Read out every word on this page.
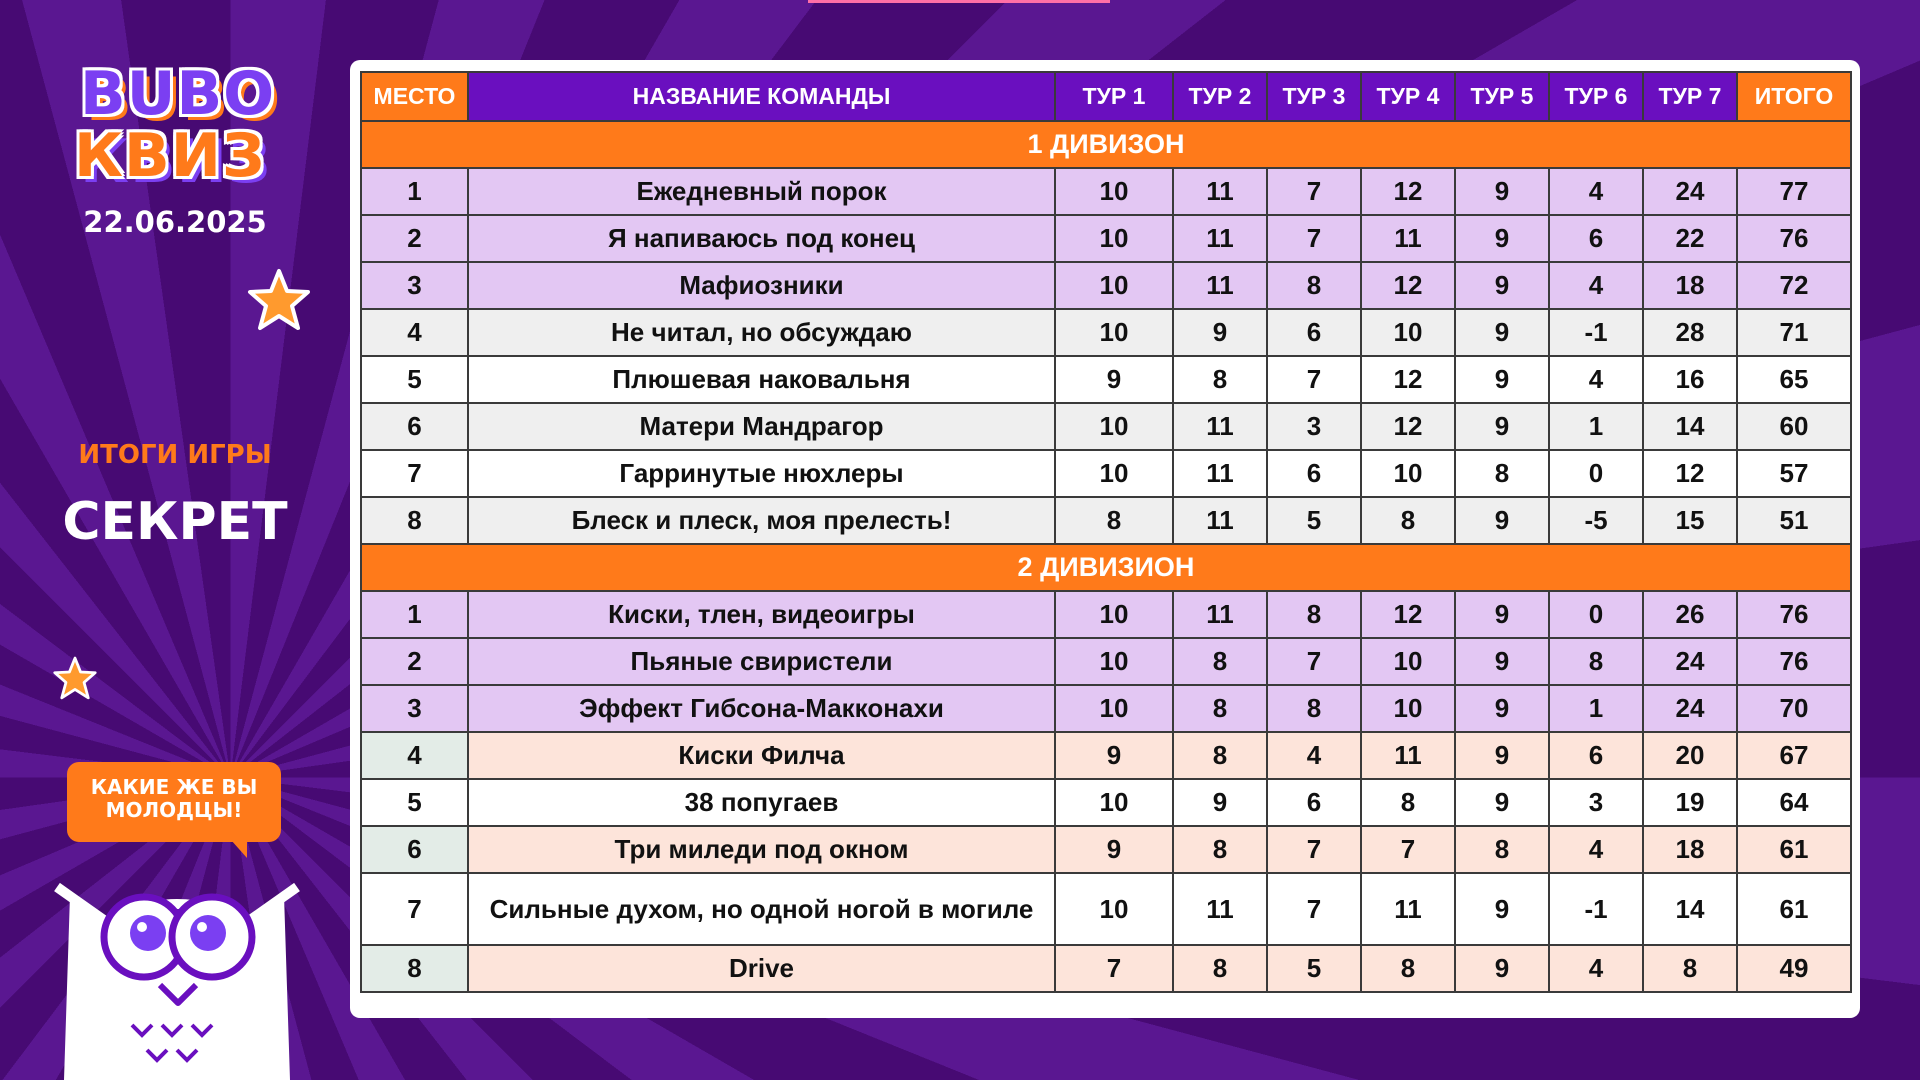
BUBO
КВИЗ
22.06.2025
ИТОГИ ИГРЫ
СЕКРЕТ
КАКИЕ ЖЕ ВЫ МОЛОДЦЫ!
МЕСТО	НАЗВАНИЕ КОМАНДЫ	ТУР 1	ТУР 2	ТУР 3	ТУР 4	ТУР 5	ТУР 6	ТУР 7	ИТОГО
1 ДИВИЗОН									
1	Ежедневный порок	10	11	7	12	9	4	24	77
2	Я напиваюсь под конец	10	11	7	11	9	6	22	76
3	Мафиозники	10	11	8	12	9	4	18	72
4	Не читал, но обсуждаю	10	9	6	10	9	-1	28	71
5	Плюшевая наковальня	9	8	7	12	9	4	16	65
6	Матери Мандрагор	10	11	3	12	9	1	14	60
7	Гарринутые нюхлеры	10	11	6	10	8	0	12	57
8	Блеск и плеск, моя прелесть!	8	11	5	8	9	-5	15	51
2 ДИВИЗИОН									
1	Киски, тлен, видеоигры	10	11	8	12	9	0	26	76
2	Пьяные свиристели	10	8	7	10	9	8	24	76
3	Эффект Гибсона-Макконахи	10	8	8	10	9	1	24	70
4	Киски Филча	9	8	4	11	9	6	20	67
5	38 попугаев	10	9	6	8	9	3	19	64
6	Три миледи под окном	9	8	7	7	8	4	18	61
7	Сильные духом, но одной ногой в могиле	10	11	7	11	9	-1	14	61
8	Drive	7	8	5	8	9	4	8	49
